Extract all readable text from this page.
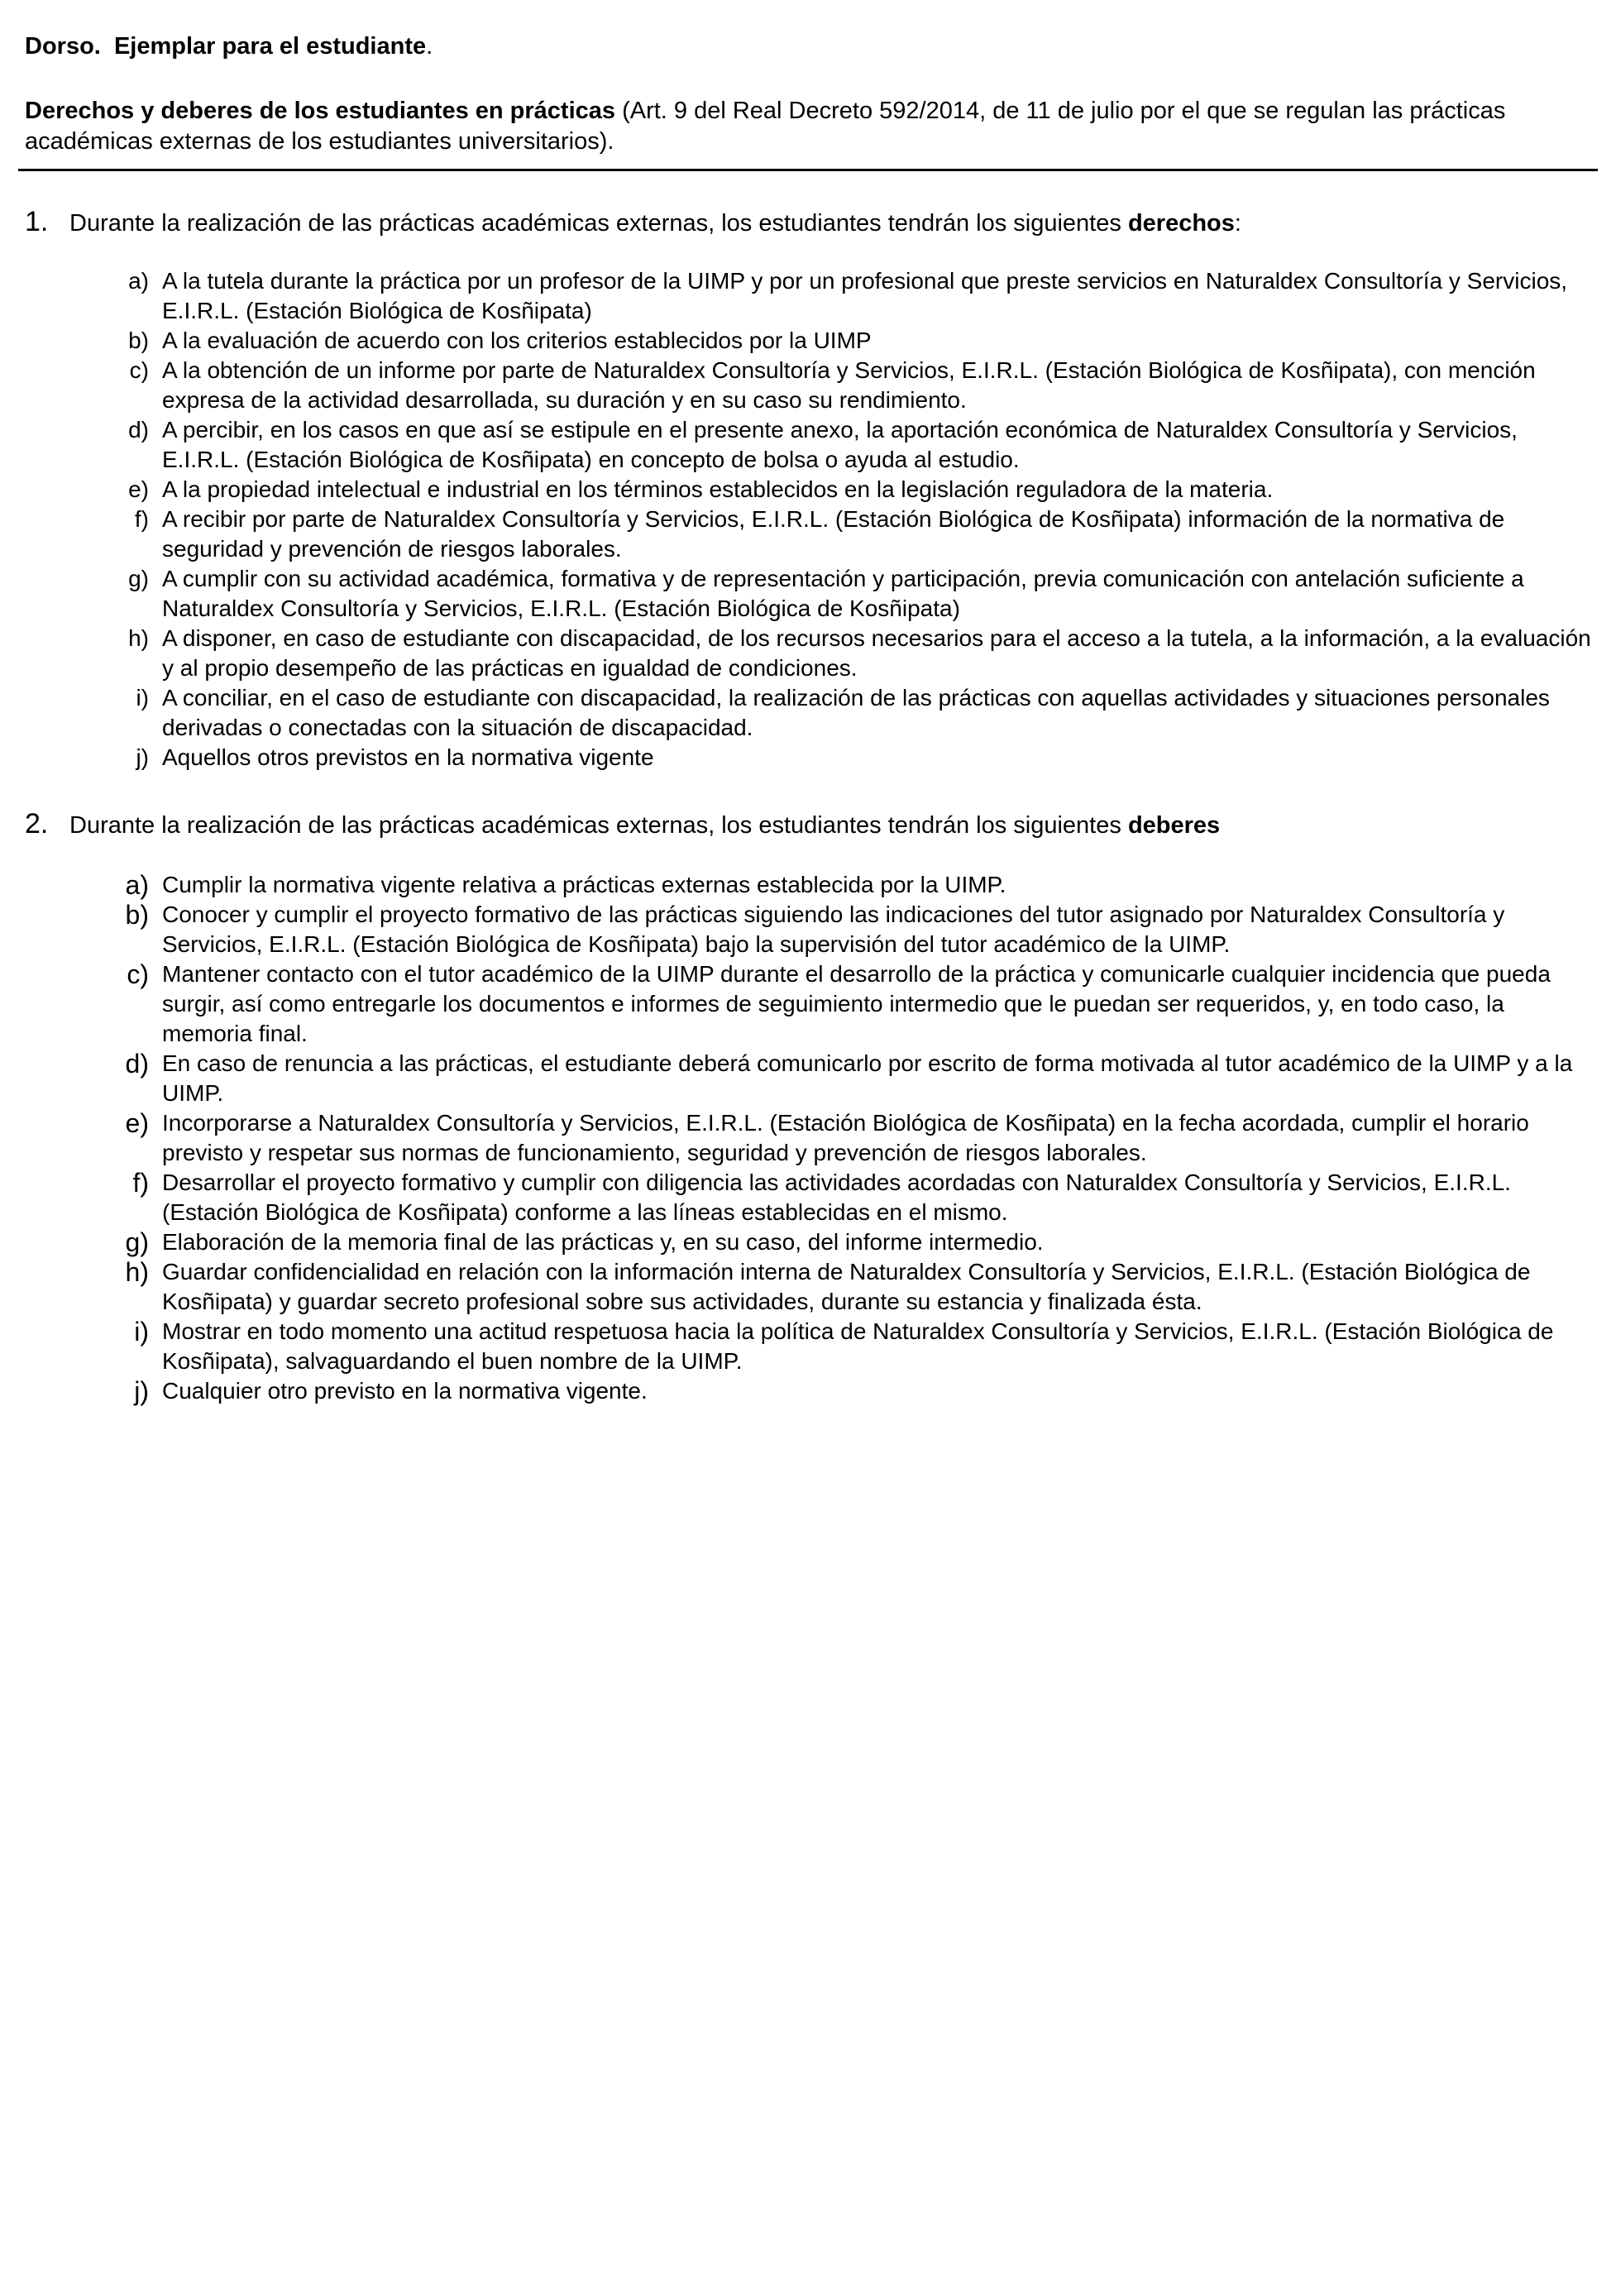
Dorso. Ejemplar para el estudiante.
Derechos y deberes de los estudiantes en prácticas (Art. 9 del Real Decreto 592/2014, de 11 de julio por el que se regulan las prácticas académicas externas de los estudiantes universitarios).
1. Durante la realización de las prácticas académicas externas, los estudiantes tendrán los siguientes derechos:
a) A la tutela durante la práctica por un profesor de la UIMP y por un profesional que preste servicios en Naturaldex Consultoría y Servicios, E.I.R.L. (Estación Biológica de Kosñipata)
b) A la evaluación de acuerdo con los criterios establecidos por la UIMP
c) A la obtención de un informe por parte de Naturaldex Consultoría y Servicios, E.I.R.L. (Estación Biológica de Kosñipata), con mención expresa de la actividad desarrollada, su duración y en su caso su rendimiento.
d) A percibir, en los casos en que así se estipule en el presente anexo, la aportación económica de Naturaldex Consultoría y Servicios, E.I.R.L. (Estación Biológica de Kosñipata) en concepto de bolsa o ayuda al estudio.
e) A la propiedad intelectual e industrial en los términos establecidos en la legislación reguladora de la materia.
f) A recibir por parte de Naturaldex Consultoría y Servicios, E.I.R.L. (Estación Biológica de Kosñipata) información de la normativa de seguridad y prevención de riesgos laborales.
g) A cumplir con su actividad académica, formativa y de representación y participación, previa comunicación con antelación suficiente a Naturaldex Consultoría y Servicios, E.I.R.L. (Estación Biológica de Kosñipata)
h) A disponer, en caso de estudiante con discapacidad, de los recursos necesarios para el acceso a la tutela, a la información, a la evaluación y al propio desempeño de las prácticas en igualdad de condiciones.
i) A conciliar, en el caso de estudiante con discapacidad, la realización de las prácticas con aquellas actividades y situaciones personales derivadas o conectadas con la situación de discapacidad.
j) Aquellos otros previstos en la normativa vigente
2. Durante la realización de las prácticas académicas externas, los estudiantes tendrán los siguientes deberes
a) Cumplir la normativa vigente relativa a prácticas externas establecida por la UIMP.
b) Conocer y cumplir el proyecto formativo de las prácticas siguiendo las indicaciones del tutor asignado por Naturaldex Consultoría y Servicios, E.I.R.L. (Estación Biológica de Kosñipata) bajo la supervisión del tutor académico de la UIMP.
c) Mantener contacto con el tutor académico de la UIMP durante el desarrollo de la práctica y comunicarle cualquier incidencia que pueda surgir, así como entregarle los documentos e informes de seguimiento intermedio que le puedan ser requeridos, y, en todo caso, la memoria final.
d) En caso de renuncia a las prácticas, el estudiante deberá comunicarlo por escrito de forma motivada al tutor académico de la UIMP y a la UIMP.
e) Incorporarse a Naturaldex Consultoría y Servicios, E.I.R.L. (Estación Biológica de Kosñipata) en la fecha acordada, cumplir el horario previsto y respetar sus normas de funcionamiento, seguridad y prevención de riesgos laborales.
f) Desarrollar el proyecto formativo y cumplir con diligencia las actividades acordadas con Naturaldex Consultoría y Servicios, E.I.R.L. (Estación Biológica de Kosñipata) conforme a las líneas establecidas en el mismo.
g) Elaboración de la memoria final de las prácticas y, en su caso, del informe intermedio.
h) Guardar confidencialidad en relación con la información interna de Naturaldex Consultoría y Servicios, E.I.R.L. (Estación Biológica de Kosñipata) y guardar secreto profesional sobre sus actividades, durante su estancia y finalizada ésta.
i) Mostrar en todo momento una actitud respetuosa hacia la política de Naturaldex Consultoría y Servicios, E.I.R.L. (Estación Biológica de Kosñipata), salvaguardando el buen nombre de la UIMP.
j) Cualquier otro previsto en la normativa vigente.
